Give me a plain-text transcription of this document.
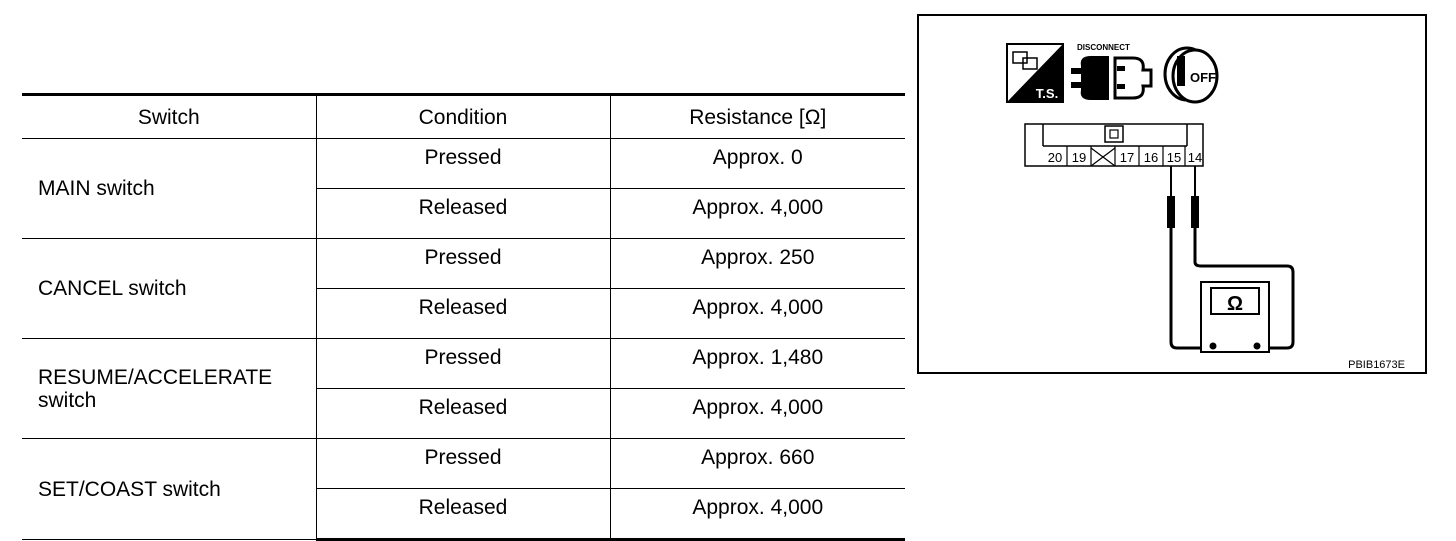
Switch	Condition	Resistance [Ω]
MAIN switch	Pressed	Approx. 0
	Released	Approx. 4,000
CANCEL switch	Pressed	Approx. 250
	Released	Approx. 4,000
RESUME/ACCELERATE switch	Pressed	Approx. 1,480
	Released	Approx. 4,000
SET/COAST switch	Pressed	Approx. 660
	Released	Approx. 4,000
T.S.
DISCONNECT
OFF
20 19	17 16 15 14
Ω
PBIB1673E
